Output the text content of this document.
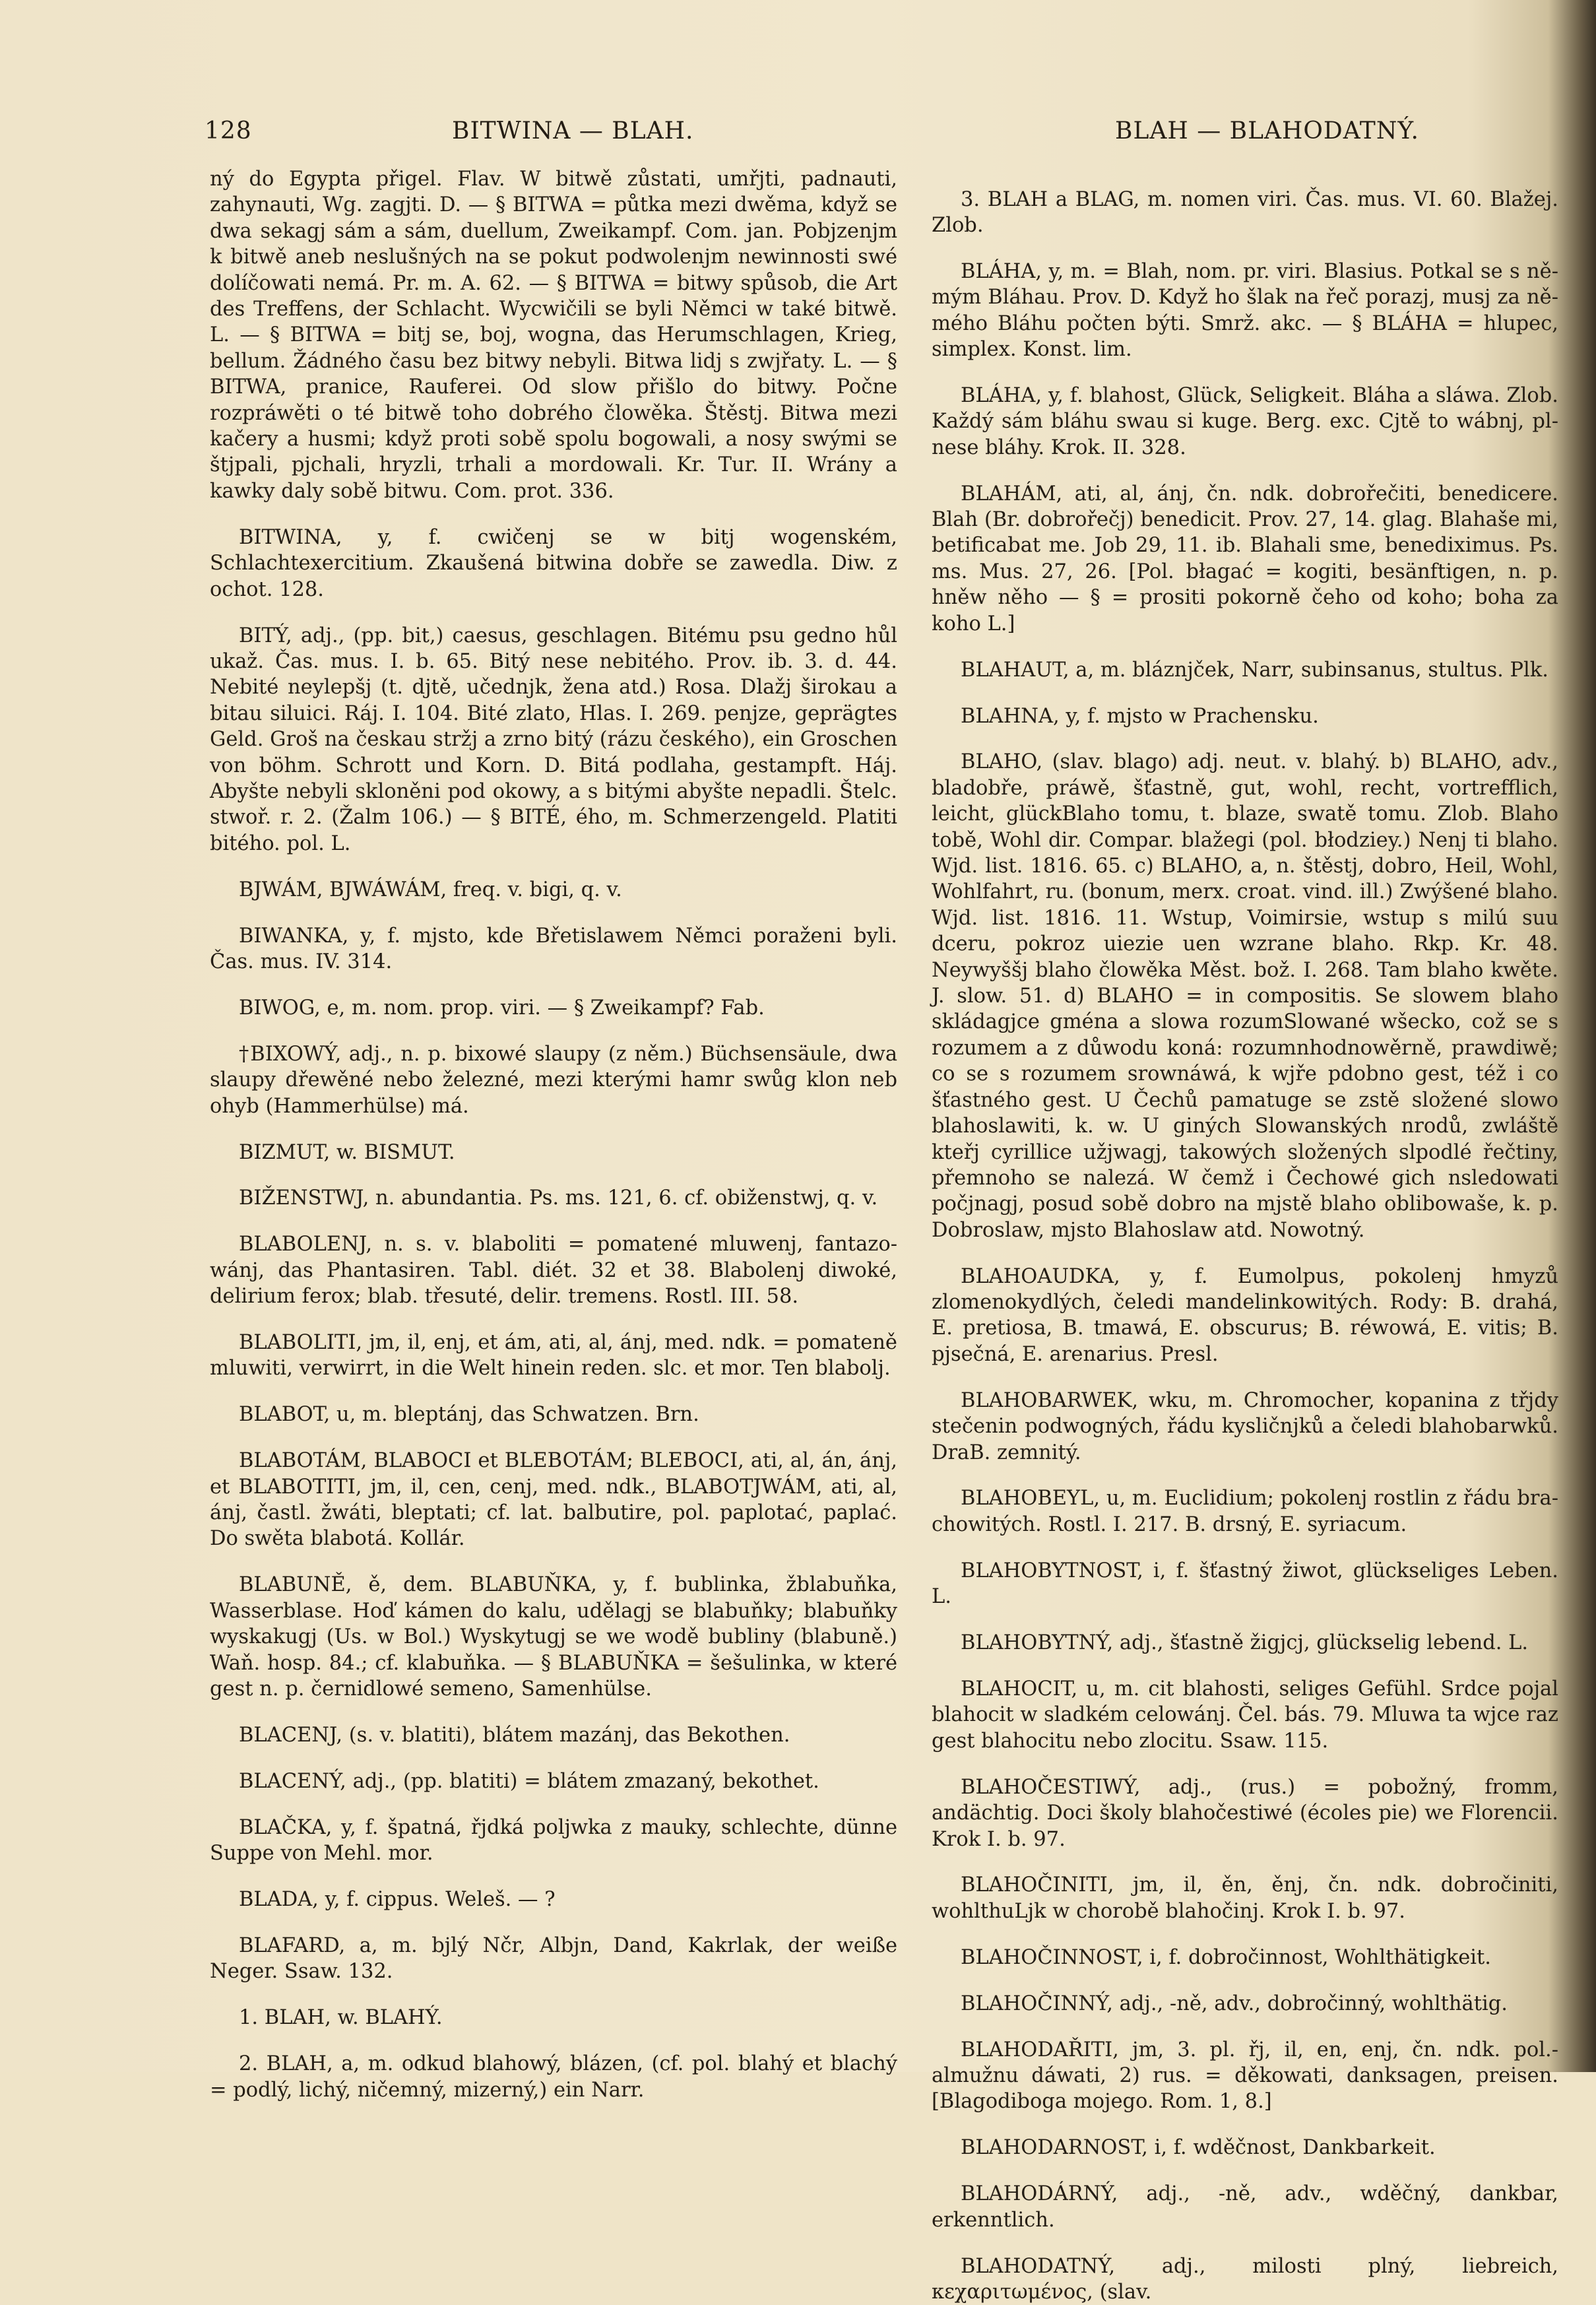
128	BITWINA — BLAH.	BLAH — BLAHODATNÝ.

ný do Egypta přigel. Flav. W bitwě zůstati, umřjti, padnauti, zahynauti, Wg. zagjti. D. — § BITWA = půtka mezi dwěma, když se dwa sekagj sám a sám, duellum, Zweikampf. Com. jan. Pobjzenjm k bitwě aneb neslušných na se pokut podwolenjm newinnosti swé dolíčowati nemá. Pr. m. A. 62. — § BITWA = bitwy spůsob, die Art des Treffens, der Schlacht. Wycwičili se byli Němci w také bitwě. L. — § BITWA = bitj se, boj, wogna, das Herumschlagen, Krieg, bellum. Žádného času bez bitwy nebyli. Bitwa lidj s zwjřaty. L. — § BITWA, pranice, Rauferei. Od slow přišlo do bitwy. Počne rozpráwěti o té bitwě toho dobrého člowěka. Štěstj. Bitwa mezi kačery a husmi; když proti sobě spolu bogowali, a nosy swými se štjpali, pjchali, hryzli, trhali a mordowali. Kr. Tur. II. Wrány a kawky daly sobě bitwu. Com. prot. 336.

BITWINA, y, f. cwičenj se w bitj wogenském, Schlachtexercitium. Zkaušená bitwina dobře se zawedla. Diw. z ochot. 128.

BITÝ, adj., (pp. bit,) caesus, geschlagen. Bitému psu gedno hůl ukaž. Čas. mus. I. b. 65. Bitý nese nebitého. Prov. ib. 3. d. 44. Nebité neylepšj (t. djtě, učednjk, žena atd.) Rosa. Dlažj širokau a bitau siluici. Ráj. I. 104. Bité zlato, Hlas. I. 269. penjze, geprägtes Geld. Groš na českau stržj a zrno bitý (rázu českého), ein Groschen von böhm. Schrott und Korn. D. Bitá podlaha, gestampft. Háj. Abyšte nebyli skloněni pod okowy, a s bitými abyšte nepadli. Štelc. stwoř. r. 2. (Žalm 106.) — § BITÉ, ého, m. Schmerzengeld. Platiti bitého. pol. L.

BJWÁM, BJWÁWÁM, freq. v. bigi, q. v.

BIWANKA, y, f. mjsto, kde Břetislawem Němci poraženi byli. Čas. mus. IV. 314.

BIWOG, e, m. nom. prop. viri. — § Zweikampf? Fab.

†BIXOWÝ, adj., n. p. bixowé slaupy (z něm.) Büchsensäule, dwa slaupy dřewěné nebo železné, mezi kterými hamr swůg klon neb ohyb (Hammerhülse) má.

BIZMUT, w. BISMUT.

BIŽENSTWJ, n. abundantia. Ps. ms. 121, 6. cf. obiženstwj, q. v.

BLABOLENJ, n. s. v. blaboliti = pomatené mluwenj, fantazowánj, das Phantasiren. Tabl. diét. 32 et 38. Blabolenj diwoké, delirium ferox; blab. třesuté, delir. tremens. Rostl. III. 58.

BLABOLITI, jm, il, enj, et ám, ati, al, ánj, med. ndk. = pomateně mluwiti, verwirrt, in die Welt hinein reden. slc. et mor. Ten blabolj.

BLABOT, u, m. bleptánj, das Schwatzen. Brn.

BLABOTÁM, BLABOCI et BLEBOTÁM; BLEBOCI, ati, al, án, ánj, et BLABOTITI, jm, il, cen, cenj, med. ndk., BLABOTJWÁM, ati, al, ánj, častl. žwáti, bleptati; cf. lat. balbutire, pol. paplotać, paplać. Do swěta blabotá. Kollár.

BLABUNĚ, ě, dem. BLABUŇKA, y, f. bublinka, žblabuňka, Wasserblase. Hoď kámen do kalu, udělagj se blabuňky; blabuňky wyskakugj (Us. w Bol.) Wyskytugj se we wodě bubliny (blabuně.) Waň. hosp. 84.; cf. klabuňka. — § BLABUŇKA = šešulinka, w které gest n. p. černidlowé semeno, Samenhülse.

BLACENJ, (s. v. blatiti), blátem mazánj, das Bekothen.

BLACENÝ, adj., (pp. blatiti) = blátem zmazaný, bekothet.

BLAČKA, y, f. špatná, řjdká poljwka z mauky, schlechte, dünne Suppe von Mehl. mor.

BLADA, y, f. cippus. Weleš. — ?

BLAFARD, a, m. bjlý Nč́r, Albjn, Dand, Kakrlak, der weiße Neger. Ssaw. 132.

1. BLAH, w. BLAHÝ.

2. BLAH, a, m. odkud blahowý, blázen, (cf. pol. blahý et blachý = podlý, lichý, ničemný, mizerný,) ein Narr.

3. BLAH a BLAG, m. nomen viri. Čas. mus. VI. 60. Blažej. Zlob.

BLÁHA, y, m. = Blah, nom. pr. viri. Blasius. Potkal se s němým Bláhau. Prov. D. Když ho šlak na řeč porazj, musj za němého Bláhu počten býti. Smrž. akc. — § BLÁHA = hlupec, simplex. Konst. lim.

BLÁHA, y, f. blahost, Glück, Seligkeit. Bláha a sláwa. Zlob. Každý sám bláhu swau si kuge. Berg. exc. Cjtě to wábnj, plnese bláhy. Krok. II. 328.

BLAHÁM, ati, al, ánj, čn. ndk. dobrořečiti, benedicere. Blah (Br. dobrořečj) benedicit. Prov. 27, 14. glag. Blahaše mi, betificabat me. Job 29, 11. ib. Blahali sme, benediximus. Ps. ms. Mus. 27, 26. [Pol. błagać = kogiti, besänftigen, n. p. hněw něho — § = prositi pokorně čeho od koho; boha za koho L.]

BLAHAUT, a, m. bláznjček, Narr, subinsanus, stultus. Plk.

BLAHNA, y, f. mjsto w Prachensku.

BLAHO, (slav. blago) adj. neut. v. blahý. b) BLAHO, adv., bladobře, práwě, šťastně, gut, wohl, recht, vortrefflich, leicht, glückBlaho tomu, t. blaze, swatě tomu. Zlob. Blaho tobě, Wohl dir. Compar. blažegi (pol. błodziey.) Nenj ti blaho. Wjd. list. 1816. 65. c) BLAHO, a, n. štěstj, dobro, Heil, Wohl, Wohlfahrt, ru. (bonum, merx. croat. vind. ill.) Zwýšené blaho. Wjd. list. 1816. 11. Wstup, Voimirsie, wstup s milú suu dceru, pokroz uiezie uen wzrane blaho. Rkp. Kr. 48. Neywyššj blaho člowěka Měst. bož. I. 268. Tam blaho kwěte. J. slow. 51. d) BLAHO = in compositis. Se slowem blaho skládagjce gména a slowa rozumSlowané wšecko, což se s rozumem a z důwodu koná: rozumnhodnowěrně, prawdiwě; co se s rozumem srownáwá, k wjře pdobno gest, též i co šťastného gest. U Čechů pamatuge se zstě složené slowo blahoslawiti, k. w. U giných Slowanských nrodů, zwláště kteřj cyrillice užjwagj, takowých složených slpodlé řečtiny, přemnoho se nalezá. W čemž i Čechowé gich nsledowati počjnagj, posud sobě dobro na mjstě blaho oblibowaše, k. p. Dobroslaw, mjsto Blahoslaw atd. Nowotný.

BLAHOAUDKA, y, f. Eumolpus, pokolenj hmyzů zlomenokydlých, čeledi mandelinkowitých. Rody: B. drahá, E. pretiosa, B. tmawá, E. obscurus; B. réwowá, E. vitis; B. pjsečná, E. arenarius. Presl.

BLAHOBARWEK, wku, m. Chromocher, kopanina z třjdy stečenin podwogných, řádu kysličnjků a čeledi blahobarwků. DraB. zemnitý.

BLAHOBEYL, u, m. Euclidium; pokolenj rostlin z řádu brachowitých. Rostl. I. 217. B. drsný, E. syriacum.

BLAHOBYTNOST, i, f. šťastný žiwot, glückseliges Leben. L.

BLAHOBYTNÝ, adj., šťastně žigjcj, glückselig lebend. L.

BLAHOCIT, u, m. cit blahosti, seliges Gefühl. Srdce pojal blahocit w sladkém celowánj. Čel. bás. 79. Mluwa ta wjce raz gest blahocitu nebo zlocitu. Ssaw. 115.

BLAHOČESTIWÝ, adj., (rus.) = pobožný, fromm, andächtig. Doci školy blahočestiwé (écoles pie) we Florencii. Krok I. b. 97.

BLAHOČINITI, jm, il, ěn, ěnj, čn. ndk. dobročiniti, wohlthuLjk w chorobě blahočinj. Krok I. b. 97.

BLAHOČINNOST, i, f. dobročinnost, Wohlthätigkeit.

BLAHOČINNÝ, adj., -ně, adv., dobročinný, wohlthätig.

BLAHODAŘITI, jm, 3. pl. řj, il, en, enj, čn. ndk. pol.almužnu dáwati, 2) rus. = děkowati, danksagen, preisen. [Blagodiboga mojego. Rom. 1, 8.]

BLAHODARNOST, i, f. wděčnost, Dankbarkeit.

BLAHODÁRNÝ, adj., -ně, adv., wděčný, dankbar, erkenntlich.

BLAHODATNÝ, adj., milosti plný, liebreich, κεχαριτωμένος, (slav.
